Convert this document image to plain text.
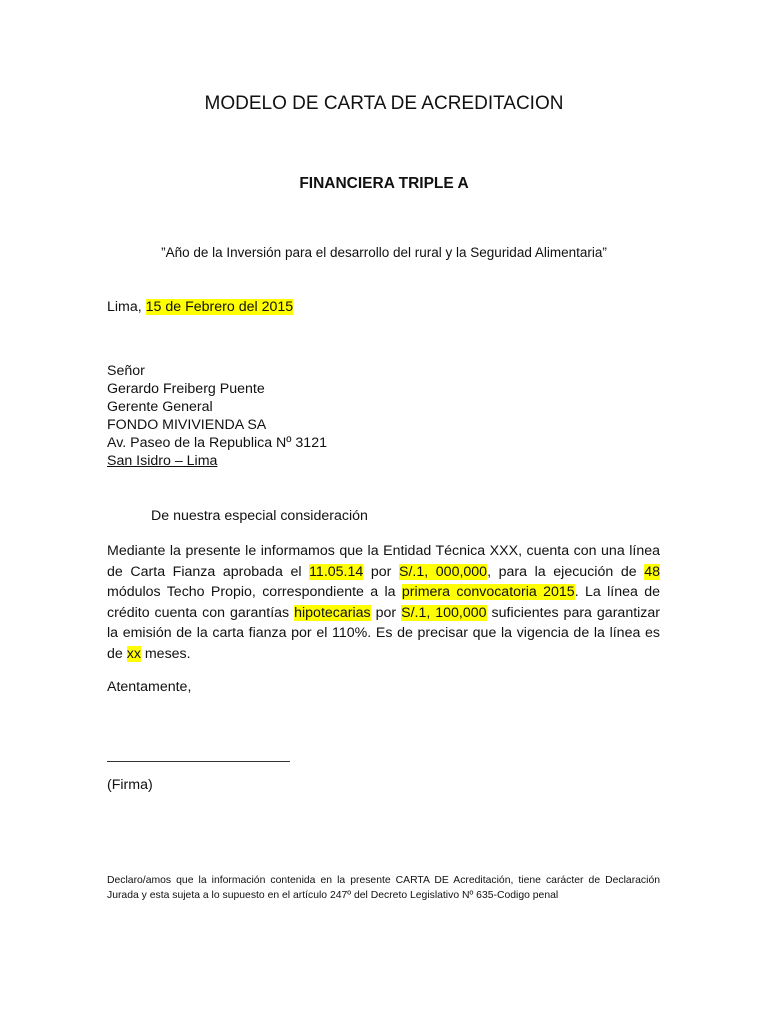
MODELO DE CARTA DE ACREDITACION
FINANCIERA TRIPLE A
”Año de la Inversión para el desarrollo del rural y la Seguridad Alimentaria”
Lima, 15 de Febrero del 2015
Señor
Gerardo Freiberg Puente
Gerente General
FONDO MIVIVIENDA SA
Av. Paseo de la Republica Nº 3121
San Isidro – Lima
De nuestra especial consideración

Mediante la presente le informamos que la Entidad Técnica XXX, cuenta con una línea de Carta Fianza aprobada el 11.05.14 por S/.1, 000,000, para la ejecución de 48 módulos Techo Propio, correspondiente a la primera convocatoria 2015. La línea de crédito cuenta con garantías hipotecarias por S/.1, 100,000 suficientes para garantizar la emisión de la carta fianza por el 110%. Es de precisar que la vigencia de la línea es de xx meses.

Atentamente,
(Firma)

Declaro/amos que la información contenida en la presente CARTA DE Acreditación, tiene carácter de Declaración Jurada y esta sujeta a lo supuesto en el artículo 247º del Decreto Legislativo Nº 635-Codigo penal
